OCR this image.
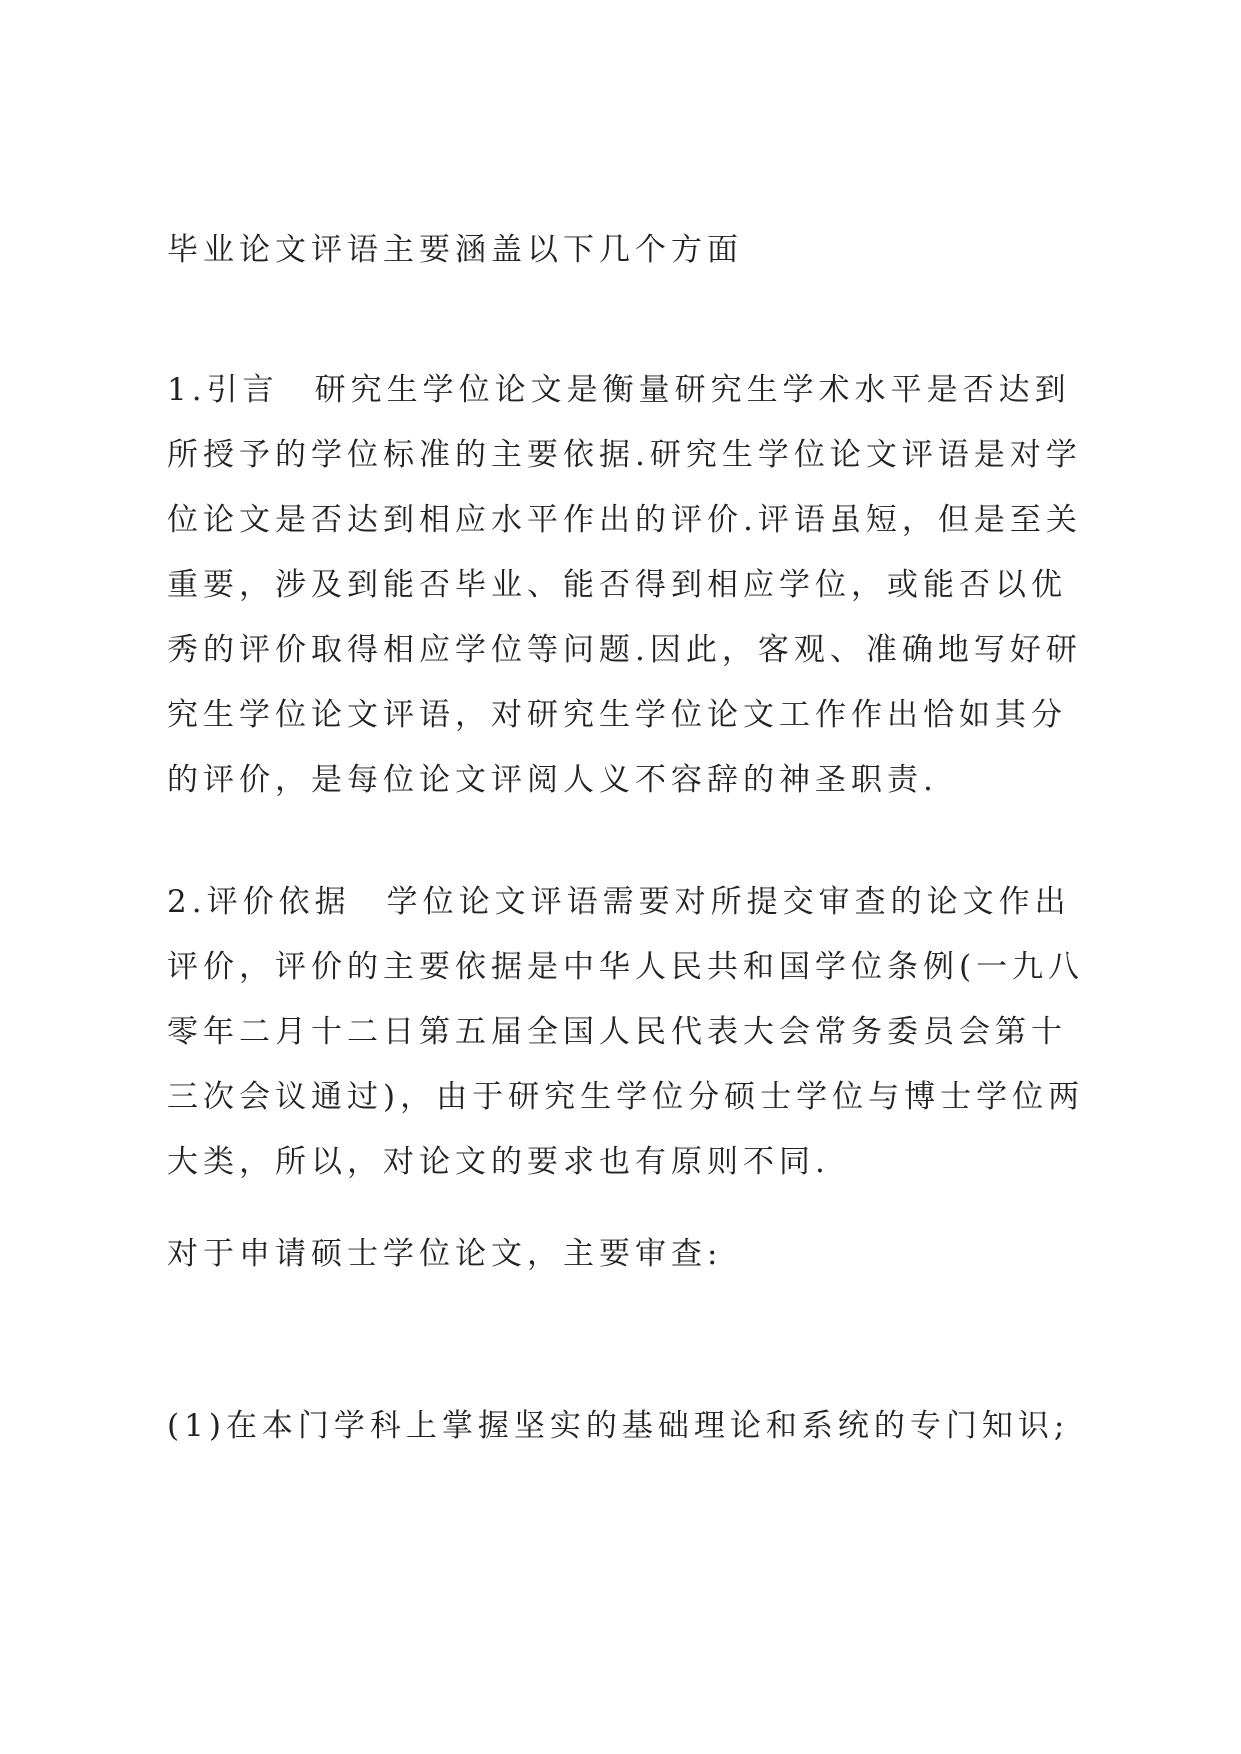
毕业论文评语主要涵盖以下几个方面
1.引言　研究生学位论文是衡量研究生学术水平是否达到所授予的学位标准的主要依据.研究生学位论文评语是对学位论文是否达到相应水平作出的评价.评语虽短，但是至关重要，涉及到能否毕业、能否得到相应学位，或能否以优秀的评价取得相应学位等问题.因此，客观、准确地写好研究生学位论文评语，对研究生学位论文工作作出恰如其分的评价，是每位论文评阅人义不容辞的神圣职责.
2.评价依据　学位论文评语需要对所提交审查的论文作出评价，评价的主要依据是中华人民共和国学位条例(一九八零年二月十二日第五届全国人民代表大会常务委员会第十三次会议通过)，由于研究生学位分硕士学位与博士学位两大类，所以，对论文的要求也有原则不同.
对于申请硕士学位论文，主要审查:
(1)在本门学科上掌握坚实的基础理论和系统的专门知识;
